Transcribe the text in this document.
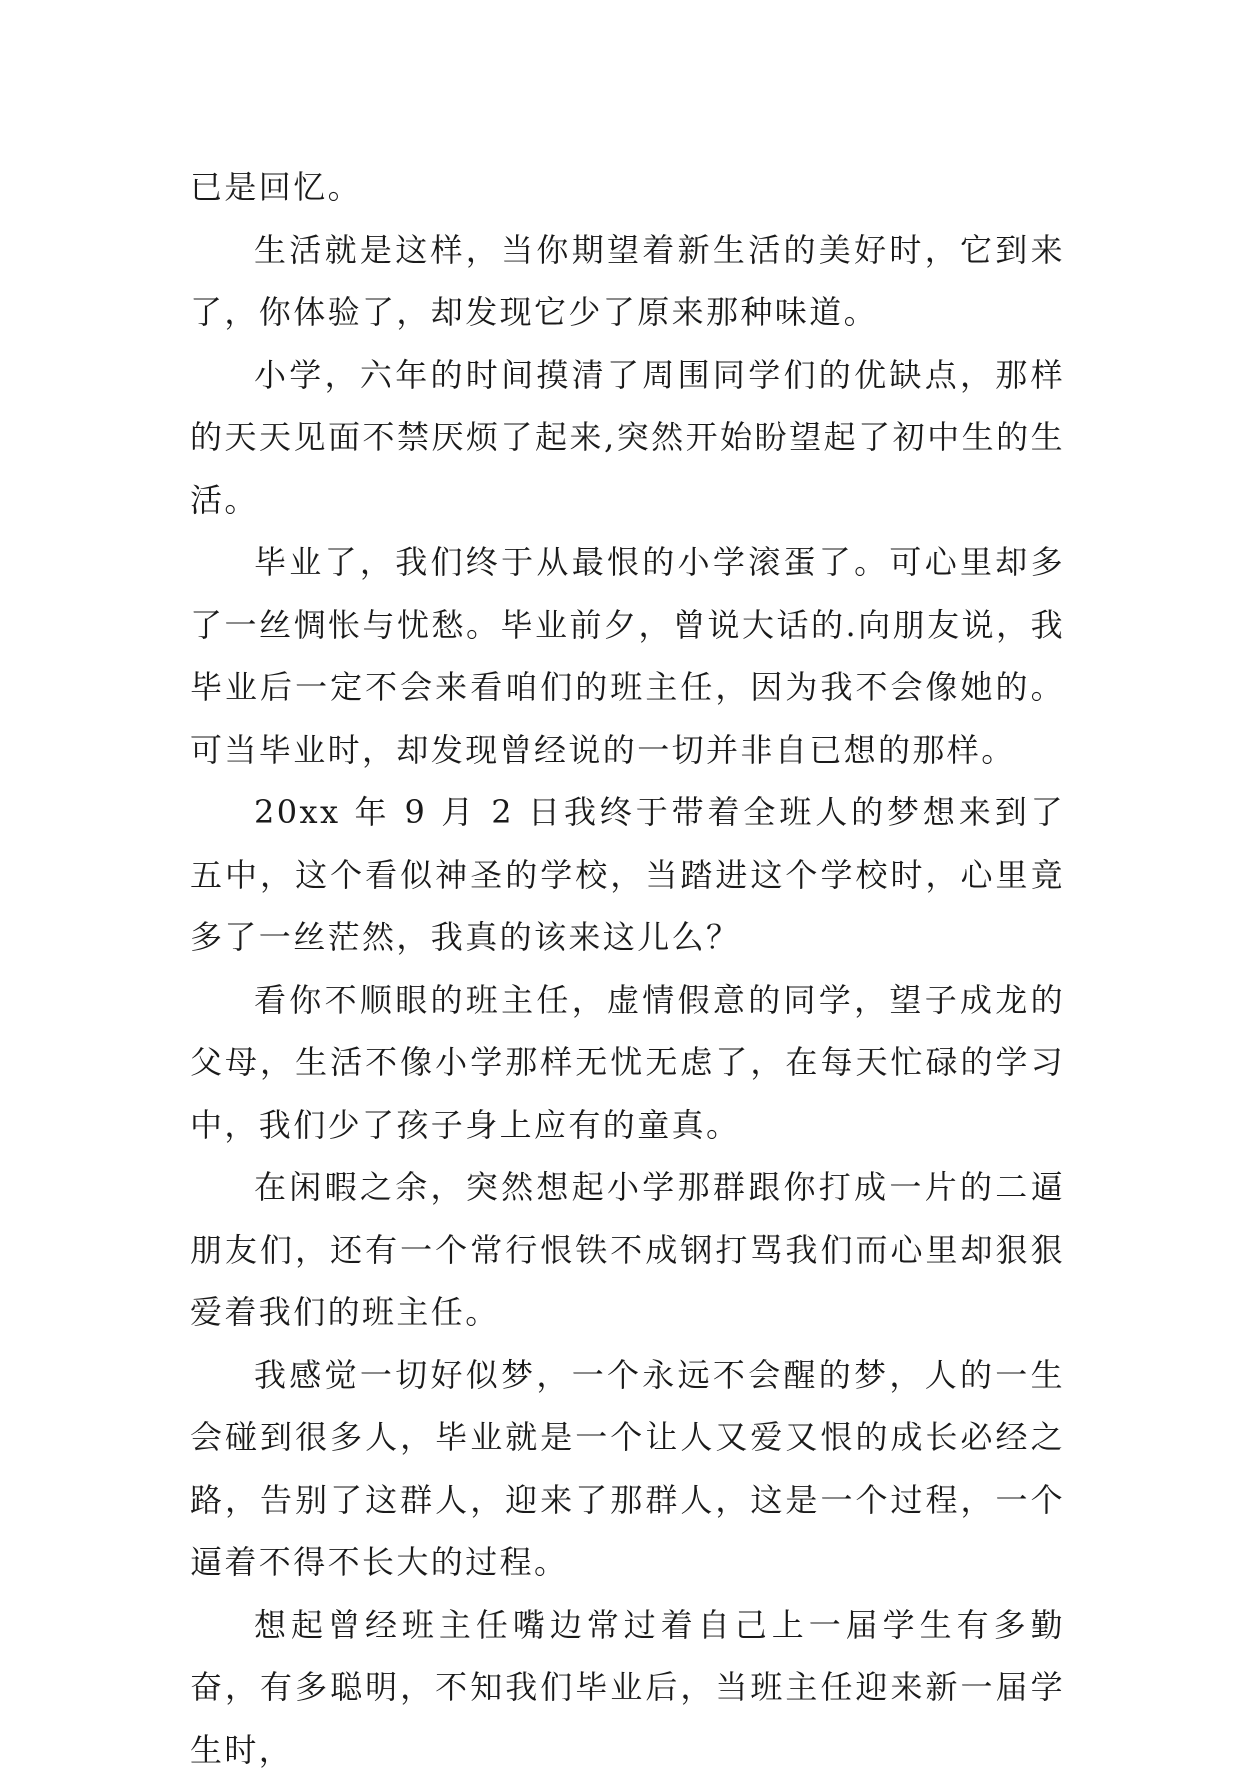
已是回忆。

生活就是这样，当你期望着新生活的美好时，它到来了，你体验了，却发现它少了原来那种味道。

小学，六年的时间摸清了周围同学们的优缺点，那样的天天见面不禁厌烦了起来,突然开始盼望起了初中生的生活。

毕业了，我们终于从最恨的小学滚蛋了。可心里却多了一丝惆怅与忧愁。毕业前夕，曾说大话的.向朋友说，我毕业后一定不会来看咱们的班主任，因为我不会像她的。可当毕业时，却发现曾经说的一切并非自已想的那样。

20xx 年 9 月 2 日我终于带着全班人的梦想来到了五中，这个看似神圣的学校，当踏进这个学校时，心里竟多了一丝茫然，我真的该来这儿么？

看你不顺眼的班主任，虚情假意的同学，望子成龙的父母，生活不像小学那样无忧无虑了，在每天忙碌的学习中，我们少了孩子身上应有的童真。

在闲暇之余，突然想起小学那群跟你打成一片的二逼朋友们，还有一个常行恨铁不成钢打骂我们而心里却狠狠爱着我们的班主任。

我感觉一切好似梦，一个永远不会醒的梦，人的一生会碰到很多人，毕业就是一个让人又爱又恨的成长必经之路，告别了这群人，迎来了那群人，这是一个过程，一个逼着不得不长大的过程。

想起曾经班主任嘴边常过着自己上一届学生有多勤奋，有多聪明，不知我们毕业后，当班主任迎来新一届学生时，
